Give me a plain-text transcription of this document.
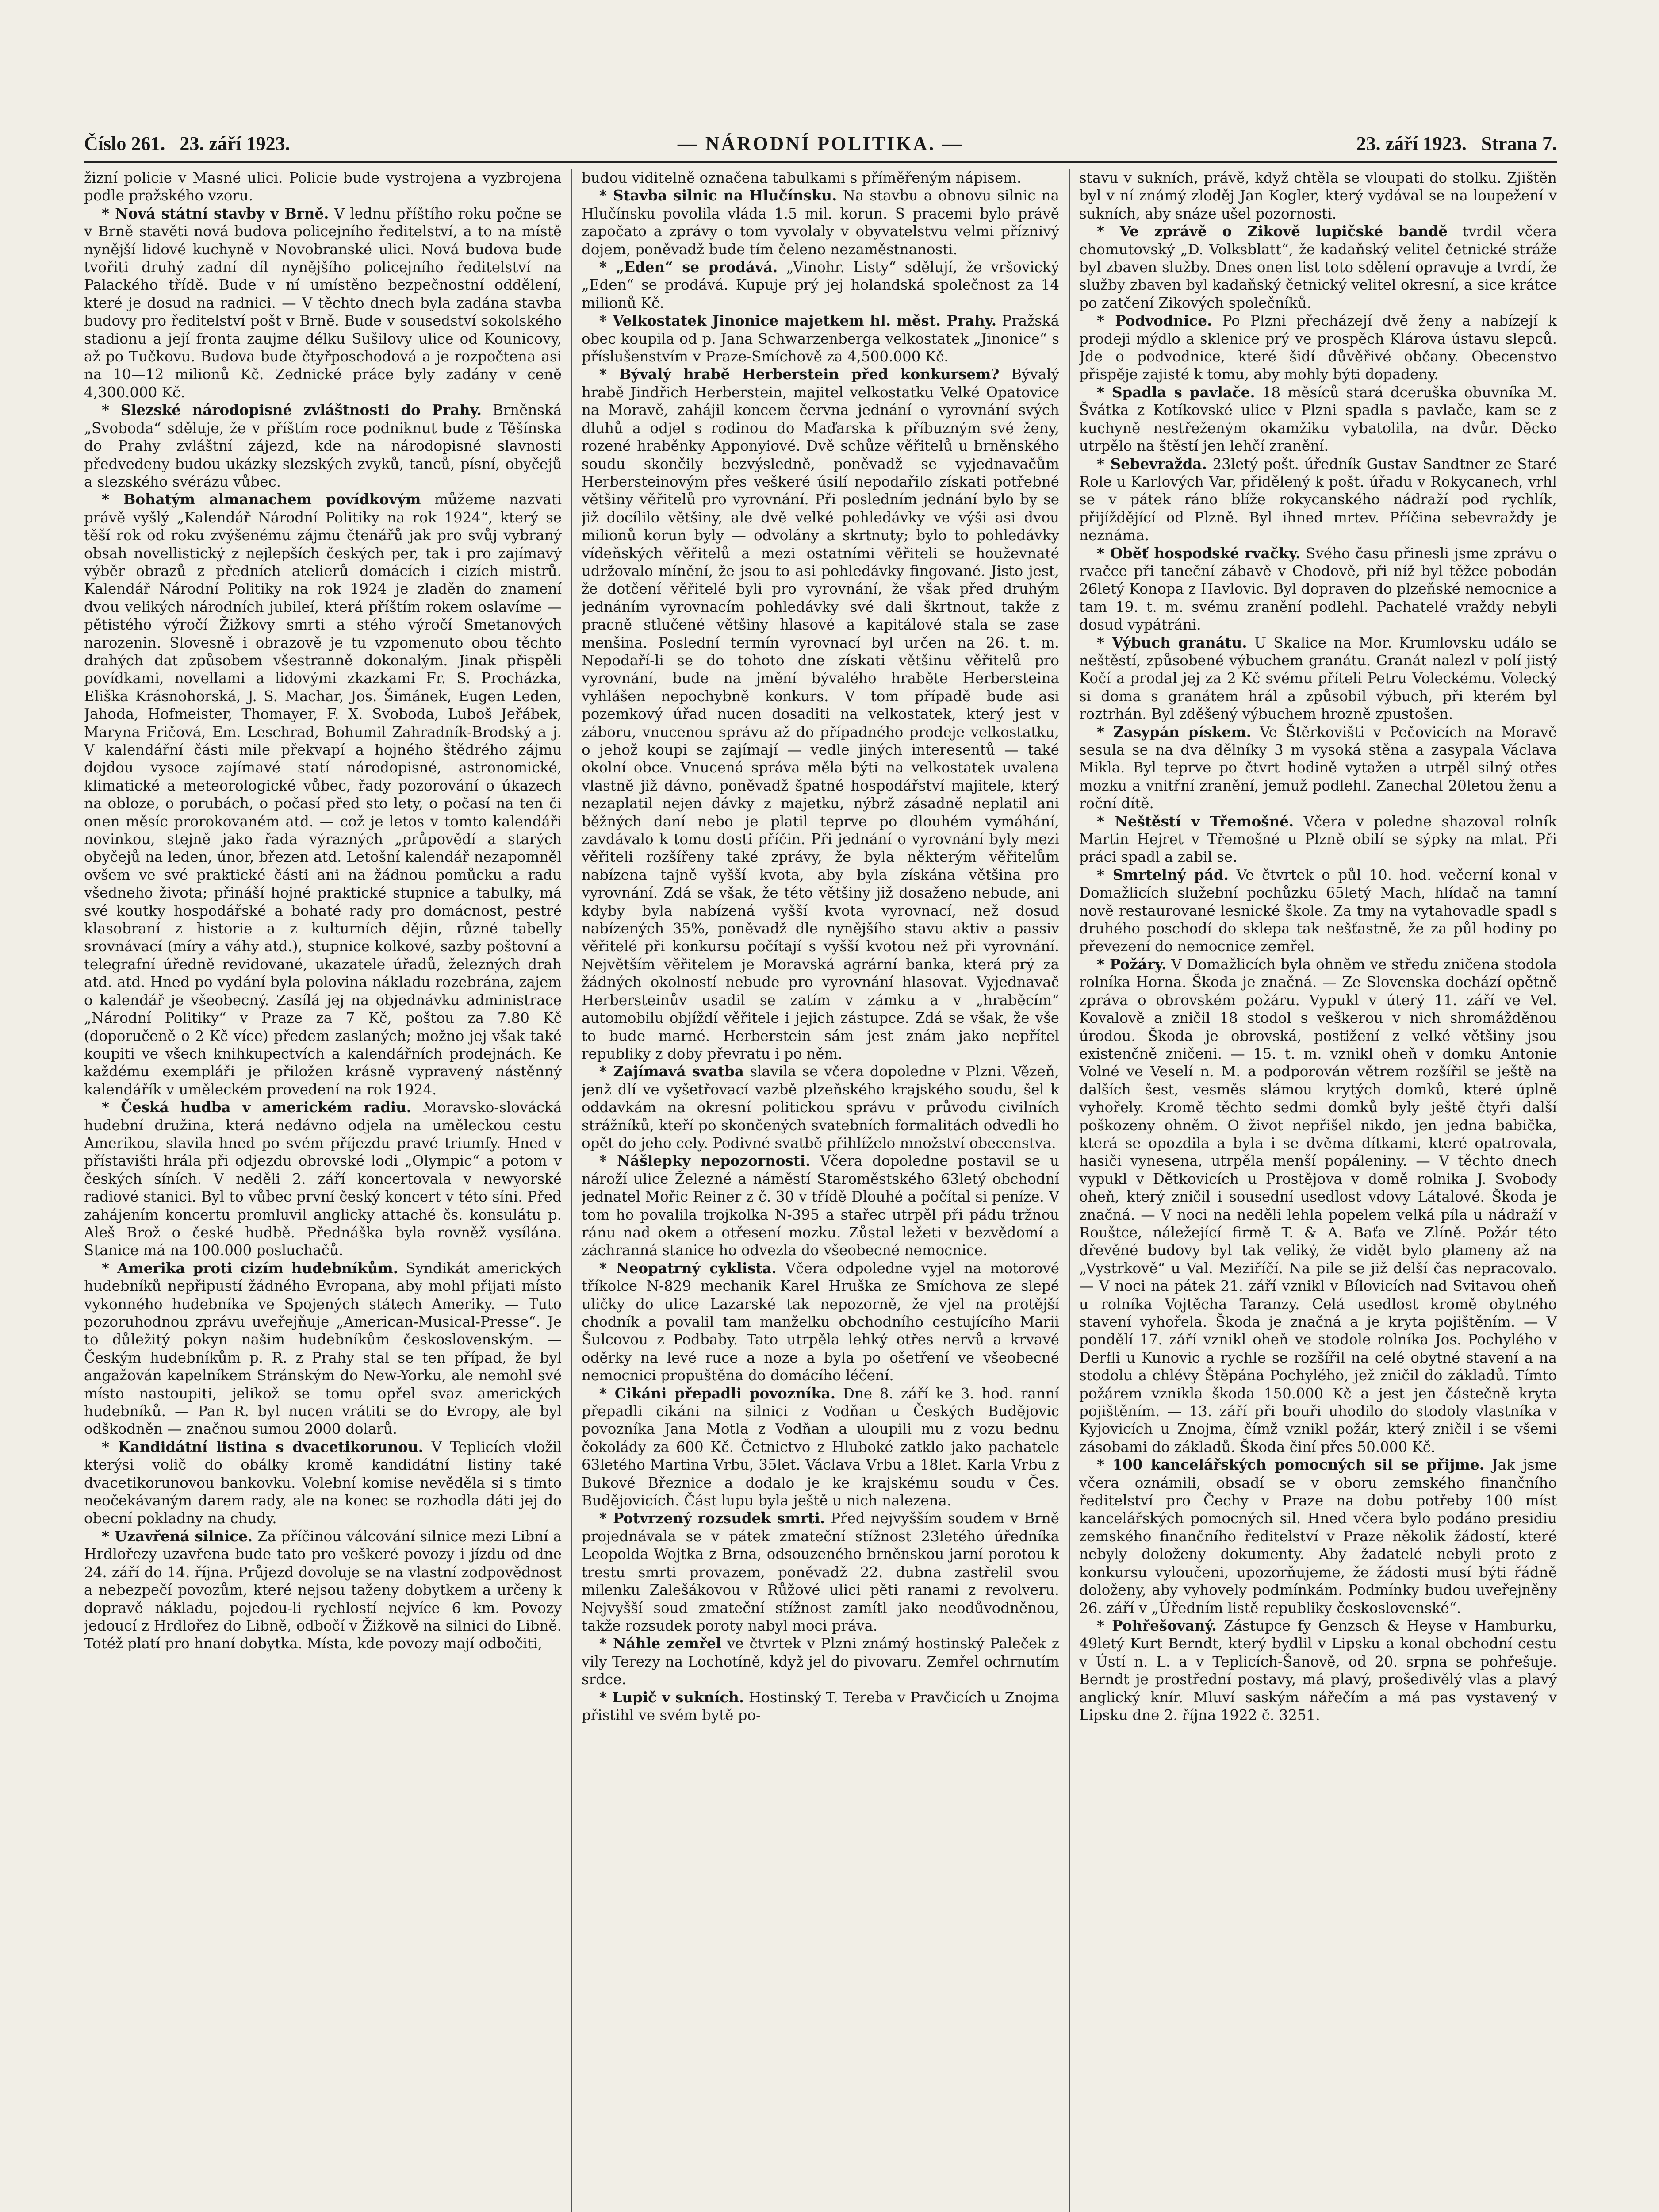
Číslo 261. 23. září 1923.	— NÁRODNÍ POLITIKA. —	23. září 1923. Strana 7.

žizní policie v Masné ulici. Policie bude vystrojena a vyzbrojena podle pražského vzoru.

* Nová státní stavby v Brně. V lednu příštího roku počne se v Brně stavěti nová budova policejního ředitelství, a to na místě nynější lidové kuchyně v Novobranské ulici. Nová budova bude tvořiti druhý zadní díl nynějšího policejního ředitelství na Palackého třídě. Bude v ní umístěno bezpečnostní oddělení, které je dosud na radnici. — V těchto dnech byla zadána stavba budovy pro ředitelství pošt v Brně. Bude v sousedství sokolského stadionu a její fronta zaujme délku Sušilovy ulice od Kounicovy, až po Tučkovu. Budova bude čtyřposchodová a je rozpočtena asi na 10—12 milionů Kč. Zednické práce byly zadány v ceně 4,300.000 Kč.

* Slezské národopisné zvláštnosti do Prahy. Brněnská „Svoboda“ sděluje, že v příštím roce podniknut bude z Těšínska do Prahy zvláštní zájezd, kde na národopisné slavnosti předvedeny budou ukázky slezských zvyků, tanců, písní, obyčejů a slezského svérázu vůbec.

* Bohatým almanachem povídkovým můžeme nazvati právě vyšlý „Kalendář Národní Politiky na rok 1924“, který se těší rok od roku zvýšenému zájmu čtenářů jak pro svůj vybraný obsah novellistický z nejlepších českých per, tak i pro zajímavý výběr obrazů z předních atelierů domácích i cizích mistrů. Kalendář Národní Politiky na rok 1924 je zladěn do znamení dvou velikých národních jubileí, která příštím rokem oslavíme — pětistého výročí Žižkovy smrti a stého výročí Smetanových narozenin. Slovesně i obrazově je tu vzpomenuto obou těchto drahých dat způsobem všestranně dokonalým. Jinak přispěli povídkami, novellami a lidovými zkazkami Fr. S. Procházka, Eliška Krásnohorská, J. S. Machar, Jos. Šimánek, Eugen Leden, Jahoda, Hofmeister, Thomayer, F. X. Svoboda, Luboš Jeřábek, Maryna Fričová, Em. Leschrad, Bohumil Zahradník-Brodský a j. V kalendářní části mile překvapí a hojného štědrého zájmu dojdou vysoce zajímavé statí národopisné, astronomické, klimatické a meteorologické vůbec, řady pozorování o úkazech na obloze, o porubách, o počasí před sto lety, o počasí na ten či onen měsíc prorokovaném atd. — což je letos v tomto kalendáři novinkou, stejně jako řada výrazných „průpovědí a starých obyčejů na leden, únor, březen atd. Letošní kalendář nezapomněl ovšem ve své praktické části ani na žádnou pomůcku a radu všedneho života; přináší hojné praktické stupnice a tabulky, má své koutky hospodářské a bohaté rady pro domácnost, pestré klasobraní z historie a z kulturních dějin, různé tabelly srovnávací (míry a váhy atd.), stupnice kolkové, sazby poštovní a telegrafní úředně revidované, ukazatele úřadů, železných drah atd. atd. Hned po vydání byla polovina nákladu rozebrána, zajem o kalendář je všeobecný. Zasílá jej na objednávku administrace „Národní Politiky“ v Praze za 7 Kč, poštou za 7.80 Kč (doporučeně o 2 Kč více) předem zaslaných; možno jej však také koupiti ve všech knihkupectvích a kalendářních prodejnách. Ke každému exempláři je přiložen krásně vypravený nástěnný kalendářík v uměleckém provedení na rok 1924.

* Česká hudba v americkém radiu. Moravsko-slovácká hudební družina, která nedávno odjela na uměleckou cestu Amerikou, slavila hned po svém příjezdu pravé triumfy. Hned v přístavišti hrála při odjezdu obrovské lodi „Olympic“ a potom v českých síních. V neděli 2. září koncertovala v newyorské radiové stanici. Byl to vůbec první český koncert v této síni. Před zahájením koncertu promluvil anglicky attaché čs. konsulátu p. Aleš Brož o české hudbě. Přednáška byla rovněž vysílána. Stanice má na 100.000 posluchačů.

* Amerika proti cizím hudebníkům. Syndikát amerických hudebníků nepřipustí žádného Evropana, aby mohl přijati místo vykonného hudebníka ve Spojených státech Ameriky. — Tuto pozoruhodnou zprávu uveřejňuje „American-Musical-Presse“. Je to důležitý pokyn našim hudebníkům československým. — Českým hudebníkům p. R. z Prahy stal se ten případ, že byl angažován kapelníkem Stránským do New-Yorku, ale nemohl své místo nastoupiti, jelikož se tomu opřel svaz amerických hudebníků. — Pan R. byl nucen vrátiti se do Evropy, ale byl odškodněn — značnou sumou 2000 dolarů.

* Kandidátní listina s dvacetikorunou. V Teplicích vložil kterýsi volič do obálky kromě kandidátní listiny také dvacetikorunovou bankovku. Volební komise nevěděla si s timto neočekávaným darem rady, ale na konec se rozhodla dáti jej do obecní pokladny na chudy.

* Uzavřená silnice. Za příčinou válcování silnice mezi Libní a Hrdlořezy uzavřena bude tato pro veškeré povozy i jízdu od dne 24. září do 14. října. Průjezd dovoluje se na vlastní zodpovědnost a nebezpečí povozům, které nejsou taženy dobytkem a určeny k dopravě nákladu, pojedou-li rychlostí nejvíce 6 km. Povozy jedoucí z Hrdlořez do Libně, odbočí v Žižkově na silnici do Libně. Totéž platí pro hnaní dobytka. Místa, kde povozy mají odbočiti,

budou viditelně označena tabulkami s příměřeným nápisem.

* Stavba silnic na Hlučínsku. Na stavbu a obnovu silnic na Hlučínsku povolila vláda 1.5 mil. korun. S pracemi bylo právě započato a zprávy o tom vyvolaly v obyvatelstvu velmi příznivý dojem, poněvadž bude tím čeleno nezaměstnanosti.

* „Eden“ se prodává. „Vinohr. Listy“ sdělují, že vršovický „Eden“ se prodává. Kupuje prý jej holandská společnost za 14 milionů Kč.

* Velkostatek Jinonice majetkem hl. měst. Prahy. Pražská obec koupila od p. Jana Schwarzenberga velkostatek „Jinonice“ s příslušenstvím v Praze-Smíchově za 4,500.000 Kč.

* Bývalý hrabě Herberstein před konkursem? Bývalý hrabě Jindřich Herberstein, majitel velkostatku Velké Opatovice na Moravě, zahájil koncem června jednání o vyrovnání svých dluhů a odjel s rodinou do Maďarska k příbuzným své ženy, rozené hraběnky Apponyiové. Dvě schůze věřitelů u brněnského soudu skončily bezvýsledně, poněvadž se vyjednavačům Herbersteinovým přes veškeré úsilí nepodařilo získati potřebné většiny věřitelů pro vyrovnání. Při posledním jednání bylo by se již docílilo většiny, ale dvě velké pohledávky ve výši asi dvou milionů korun byly — odvolány a skrtnuty; bylo to pohledávky vídeňských věřitelů a mezi ostatními věřiteli se houževnaté udržovalo mínění, že jsou to asi pohledávky fingované. Jisto jest, že dotčení věřitelé byli pro vyrovnání, že však před druhým jednáním vyrovnacím pohledávky své dali škrtnout, takže z pracně stlučené většiny hlasové a kapitálové stala se zase menšina. Poslední termín vyrovnací byl určen na 26. t. m. Nepodaří-li se do tohoto dne získati většinu věřitelů pro vyrovnání, bude na jmění bývalého hraběte Herbersteina vyhlášen nepochybně konkurs. V tom případě bude asi pozemkový úřad nucen dosaditi na velkostatek, který jest v záboru, vnucenou správu až do případného prodeje velkostatku, o jehož koupi se zajímají — vedle jiných interesentů — také okolní obce. Vnucená správa měla býti na velkostatek uvalena vlastně již dávno, poněvadž špatné hospodářství majitele, který nezaplatil nejen dávky z majetku, nýbrž zásadně neplatil ani běžných daní nebo je platil teprve po dlouhém vymáhání, zavdávalo k tomu dosti příčin. Při jednání o vyrovnání byly mezi věřiteli rozšířeny také zprávy, že byla některým věřitelům nabízena tajně vyšší kvota, aby byla získána většina pro vyrovnání. Zdá se však, že této většiny již dosaženo nebude, ani kdyby byla nabízená vyšší kvota vyrovnací, než dosud nabízených 35%, poněvadž dle nynějšího stavu aktiv a passiv věřitelé při konkursu počítají s vyšší kvotou než při vyrovnání. Největším věřitelem je Moravská agrární banka, která prý za žádných okolností nebude pro vyrovnání hlasovat. Vyjednavač Herbersteinův usadil se zatím v zámku a v „hraběcím“ automobilu objíždí věřitele i jejich zástupce. Zdá se však, že vše to bude marné. Herberstein sám jest znám jako nepřítel republiky z doby převratu i po něm.

* Zajímavá svatba slavila se včera dopoledne v Plzni. Vězeň, jenž dlí ve vyšetřovací vazbě plzeňského krajského soudu, šel k oddavkám na okresní politickou správu v průvodu civilních strážníků, kteří po skončených svatebních formalitách odvedli ho opět do jeho cely. Podivné svatbě přihlíželo množství obecenstva.

* Nášlepky nepozornosti. Včera dopoledne postavil se u nároží ulice Železné a náměstí Staroměstského 63letý obchodní jednatel Mořic Reiner z č. 30 v třídě Dlouhé a počítal si peníze. V tom ho povalila trojkolka N-395 a stařec utrpěl při pádu tržnou ránu nad okem a otřesení mozku. Zůstal ležeti v bezvědomí a záchranná stanice ho odvezla do všeobecné nemocnice.

* Neopatrný cyklista. Včera odpoledne vyjel na motorové tříkolce N-829 mechanik Karel Hruška ze Smíchova ze slepé uličky do ulice Lazarské tak nepozorně, že vjel na protější chodník a povalil tam manželku obchodního cestujícího Marii Šulcovou z Podbaby. Tato utrpěla lehký otřes nervů a krvavé oděrky na levé ruce a noze a byla po ošetření ve všeobecné nemocnici propuštěna do domácího léčení.

* Cikáni přepadli povozníka. Dne 8. září ke 3. hod. ranní přepadli cikáni na silnici z Vodňan u Českých Budějovic povozníka Jana Motla z Vodňan a uloupili mu z vozu bednu čokolády za 600 Kč. Četnictvo z Hluboké zatklo jako pachatele 63letého Martina Vrbu, 35let. Václava Vrbu a 18let. Karla Vrbu z Bukové Březnice a dodalo je ke krajskému soudu v Čes. Budějovicích. Část lupu byla ještě u nich nalezena.

* Potvrzený rozsudek smrti. Před nejvyšším soudem v Brně projednávala se v pátek zmateční stížnost 23letého úředníka Leopolda Wojtka z Brna, odsouzeného brněnskou jarní porotou k trestu smrti provazem, poněvadž 22. dubna zastřelil svou milenku Zalešákovou v Růžové ulici pěti ranami z revolveru. Nejvyšší soud zmateční stížnost zamítl jako neodůvodněnou, takže rozsudek poroty nabyl moci práva.

* Náhle zemřel ve čtvrtek v Plzni známý hostinský Paleček z vily Terezy na Lochotíně, když jel do pivovaru. Zemřel ochrnutím srdce.

* Lupič v sukních. Hostinský T. Tereba v Pravčicích u Znojma přistihl ve svém bytě po-

stavu v sukních, právě, když chtěla se vloupati do stolku. Zjištěn byl v ní známý zloděj Jan Kogler, který vydával se na loupežení v sukních, aby snáze ušel pozornosti.

* Ve zprávě o Zikově lupičské bandě tvrdil včera chomutovský „D. Volksblatt“, že kadaňský velitel četnické stráže byl zbaven služby. Dnes onen list toto sdělení opravuje a tvrdí, že služby zbaven byl kadaňský četnický velitel okresní, a sice krátce po zatčení Zikových společníků.

* Podvodnice. Po Plzni přecházejí dvě ženy a nabízejí k prodeji mýdlo a sklenice prý ve prospěch Klárova ústavu slepců. Jde o podvodnice, které šidí důvěřivé občany. Obecenstvo přispěje zajisté k tomu, aby mohly býti dopadeny.

* Spadla s pavlače. 18 měsíců stará dceruška obuvníka M. Švátka z Kotíkovské ulice v Plzni spadla s pavlače, kam se z kuchyně nestřeženým okamžiku vybatolila, na dvůr. Děcko utrpělo na štěstí jen lehčí zranění.

* Sebevražda. 23letý pošt. úředník Gustav Sandtner ze Staré Role u Karlových Var, přidělený k pošt. úřadu v Rokycanech, vrhl se v pátek ráno blíže rokycanského nádraží pod rychlík, přijíždějící od Plzně. Byl ihned mrtev. Příčina sebevraždy je neznáma.

* Oběť hospodské rvačky. Svého času přinesli jsme zprávu o rvačce při taneční zábavě v Chodově, při níž byl těžce pobodán 26letý Konopa z Havlovic. Byl dopraven do plzeňské nemocnice a tam 19. t. m. svému zranění podlehl. Pachatelé vraždy nebyli dosud vypátráni.

* Výbuch granátu. U Skalice na Mor. Krumlovsku událo se neštěstí, způsobené výbuchem granátu. Granát nalezl v polí jistý Kočí a prodal jej za 2 Kč svému příteli Petru Voleckému. Volecký si doma s granátem hrál a způsobil výbuch, při kterém byl roztrhán. Byl zděšený výbuchem hrozně zpustošen.

* Zasypán pískem. Ve Štěrkovišti v Pečovicích na Moravě sesula se na dva dělníky 3 m vysoká stěna a zasypala Václava Mikla. Byl teprve po čtvrt hodině vytažen a utrpěl silný otřes mozku a vnitřní zranění, jemuž podlehl. Zanechal 20letou ženu a roční dítě.

* Neštěstí v Třemošné. Včera v poledne shazoval rolník Martin Hejret v Třemošné u Plzně obilí se sýpky na mlat. Při práci spadl a zabil se.

* Smrtelný pád. Ve čtvrtek o půl 10. hod. večerní konal v Domažlicích služební pochůzku 65letý Mach, hlídač na tamní nově restaurované lesnické škole. Za tmy na vytahovadle spadl s druhého poschodí do sklepa tak nešťastně, že za půl hodiny po převezení do nemocnice zemřel.

* Požáry. V Domažlicích byla ohněm ve středu zničena stodola rolníka Horna. Škoda je značná. — Ze Slovenska dochází opětně zpráva o obrovském požáru. Vypukl v úterý 11. září ve Vel. Kovalově a zničil 18 stodol s veškerou v nich shromážděnou úrodou. Škoda je obrovská, postižení z velké většiny jsou existenčně zničeni. — 15. t. m. vznikl oheň v domku Antonie Volné ve Veselí n. M. a podporován větrem rozšířil se ještě na dalších šest, vesměs slámou krytých domků, které úplně vyhořely. Kromě těchto sedmi domků byly ještě čtyři další poškozeny ohněm. O život nepřišel nikdo, jen jedna babička, která se opozdila a byla i se dvěma dítkami, které opatrovala, hasiči vynesena, utrpěla menší popáleniny. — V těchto dnech vypukl v Dětkovicích u Prostějova v domě rolnika J. Svobody oheň, který zničil i sousední usedlost vdovy Látalové. Škoda je značná. — V noci na neděli lehla popelem velká píla u nádraží v Rouštce, náležející firmě T. & A. Baťa ve Zlíně. Požár této dřevěné budovy byl tak veliký, že vidět bylo plameny až na „Vystrkově“ u Val. Meziříčí. Na pile se již delší čas nepracovalo. — V noci na pátek 21. září vznikl v Bílovicích nad Svitavou oheň u rolníka Vojtěcha Taranzy. Celá usedlost kromě obytného stavení vyhořela. Škoda je značná a je kryta pojištěním. — V pondělí 17. září vznikl oheň ve stodole rolníka Jos. Pochylého v Derfli u Kunovic a rychle se rozšířil na celé obytné stavení a na stodolu a chlévy Štěpána Pochylého, jež zničil do základů. Tímto požárem vznikla škoda 150.000 Kč a jest jen částečně kryta pojištěním. — 13. září při bouři uhodilo do stodoly vlastníka v Kyjovicích u Znojma, čímž vznikl požár, který zničil i se všemi zásobami do základů. Škoda činí přes 50.000 Kč.

* 100 kancelářských pomocných sil se přijme. Jak jsme včera oznámili, obsadí se v oboru zemského finančního ředitelství pro Čechy v Praze na dobu potřeby 100 míst kancelářských pomocných sil. Hned včera bylo podáno presidiu zemského finančního ředitelství v Praze několik žádostí, které nebyly doloženy dokumenty. Aby žadatelé nebyli proto z konkursu vyloučeni, upozorňujeme, že žádosti musí býti řádně doloženy, aby vyhovely podmínkám. Podmínky budou uveřejněny 26. září v „Úředním listě republiky československé“.

* Pohřešovaný. Zástupce fy Genzsch & Heyse v Hamburku, 49letý Kurt Berndt, který bydlil v Lipsku a konal obchodní cestu v Ústí n. L. a v Teplicích-Šanově, od 20. srpna se pohřešuje. Berndt je prostřední postavy, má plavý, prošedivělý vlas a plavý anglický knír. Mluví saským nářečím a má pas vystavený v Lipsku dne 2. října 1922 č. 3251.
